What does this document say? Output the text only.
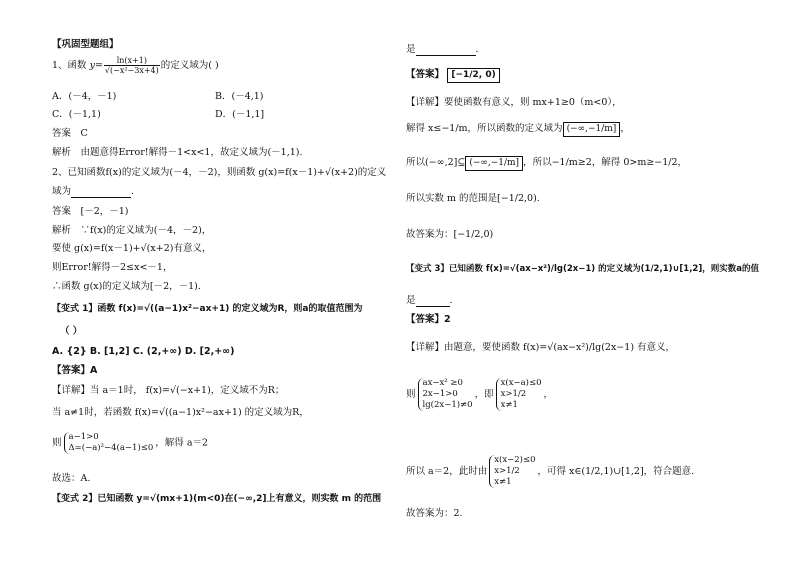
【巩固型题组】
1、函数 $y= \frac{\ln(x+1)}{\text{√(−x²−3x+4)}}$ 的定义域为( )
A．(－4，－1)	B．(－4,1)
C．(－1,1)	D．(－1,1]
答案　C
解析　由题意得Error!解得－1<x<1，故定义域为(－1,1).
2、已知函数f(x)的定义域为(－4，－2)，则函数 g(x)=f(x－1)+√(x+2)的定义
域为	.
答案　[－2，－1)
解析　∵f(x)的定义域为(－4，－2)，
要使 g(x)=f(x－1)+√(x+2)有意义，
则Error!解得－2≤x<－1，
∴函数 g(x)的定义域为[－2，－1).
【变式 1】函数 f(x)=√((a−1)x²−ax+1) 的定义域为R，则a的取值范围为
（ ）
A. {2} B. [1,2] C. (2,+∞) D. [2,+∞)
【答案】A
【详解】当 a＝1时， f(x)=√(−x+1)，定义域不为R；
当 a≠1时，若函数 f(x)=√((a−1)x²−ax+1) 的定义域为R，
则
a−1>0
Δ=(−a)²−4(a−1)≤0 ，解得 a＝2
故选：A.
【变式 2】已知函数 y=√(mx+1)(m<0)在(−∞,2]上有意义，则实数 m 的范围
是	.
【答案】 [−1/2, 0)
【详解】要使函数有意义，则 mx+1≥0（m<0），
解得 x≤−1/m，所以函数的定义域为 (−∞,−1/m] ，
所以(−∞,2]⊆ (−∞,−1/m] ，所以−1/m≥2，解得 0>m≥−1/2，
所以实数 m 的范围是[−1/2,0).
故答案为：[−1/2,0)
【变式 3】已知函数 f(x)=√(ax−x²)/lg(2x−1) 的定义域为(1/2,1)∪[1,2]，则实数a的值
是	.
【答案】2
【详解】由题意，要使函数 f(x)=√(ax−x²)/lg(2x−1) 有意义，
则
ax−x² ≥0
2x−1>0
lg(2x−1)≠0
，即
x(x−a)≤0
x>1/2
x≠1
，
所以 a＝2，此时由
x(x−2)≤0
x>1/2
x≠1
，可得 x∈(1/2,1)∪[1,2]，符合题意.
故答案为：2.
